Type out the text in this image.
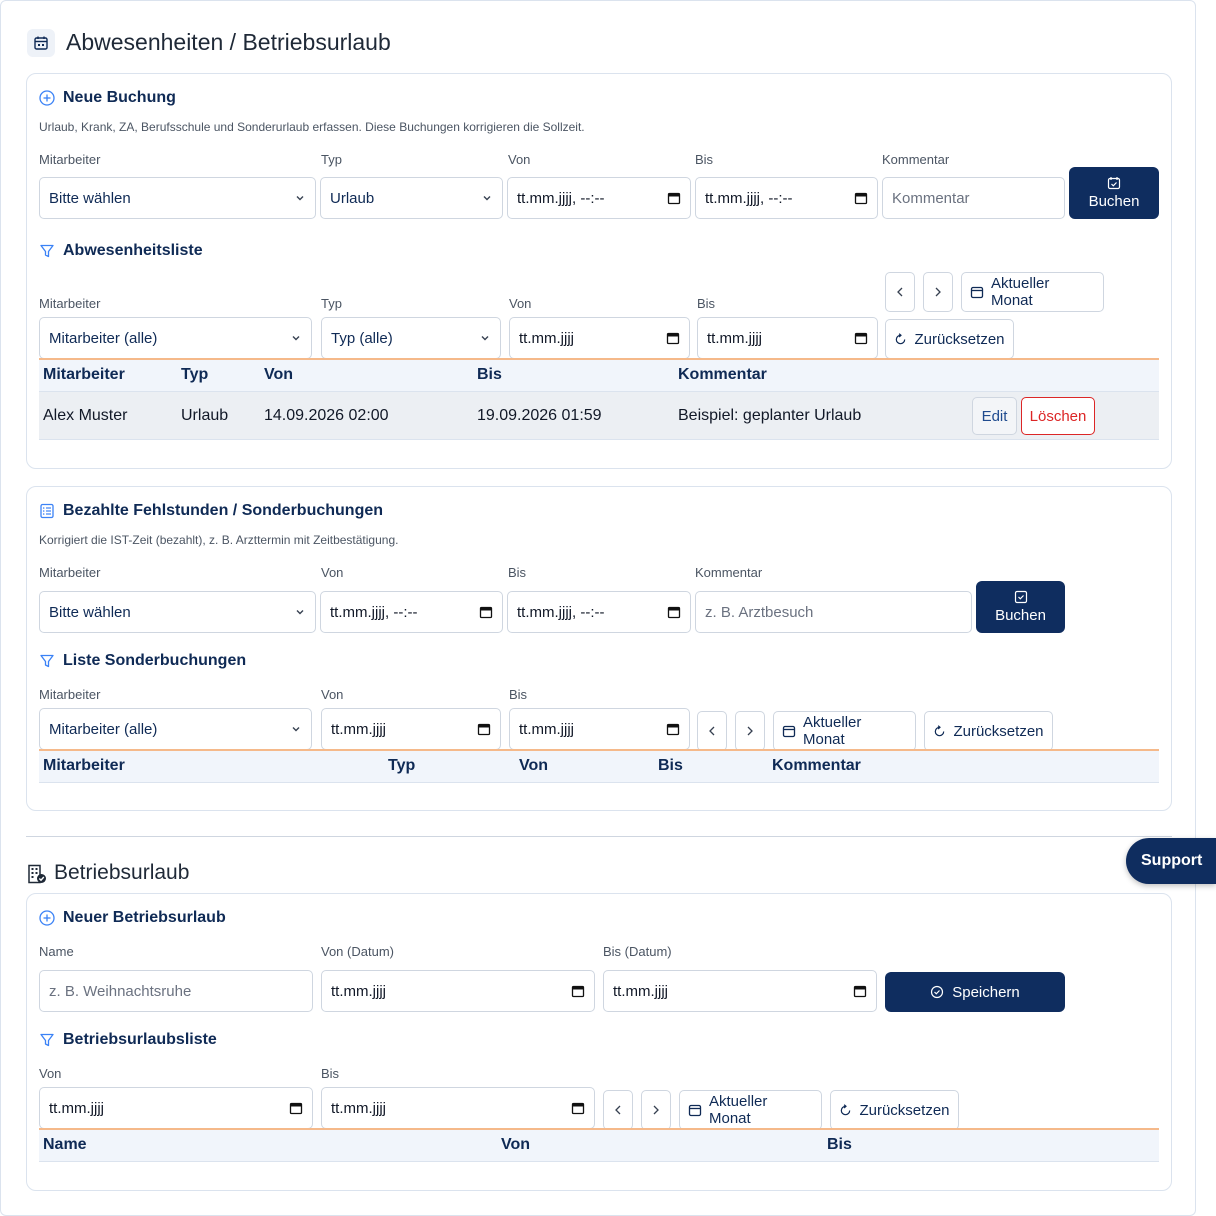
Abwesenheiten / Betriebsurlaub
Neue Buchung
Urlaub, Krank, ZA, Berufsschule und Sonderurlaub erfassen. Diese Buchungen korrigieren die Sollzeit.
Mitarbeiter	Typ	Von	Bis	Kommentar
Bitte wählen	Urlaub	tt.mm.jjjj, --:--	tt.mm.jjjj, --:--	Kommentar	Buchen
Abwesenheitsliste
Mitarbeiter	Typ	Von	Bis
Mitarbeiter (alle)	Typ (alle)	tt.mm.jjjj	tt.mm.jjjj
Aktueller Monat
Zurücksetzen
Mitarbeiter	Typ	Von	Bis	Kommentar
Alex Muster	Urlaub 14.09.2026 02:00	19.09.2026 01:59	Beispiel: geplanter Urlaub	Edit	Löschen
Bezahlte Fehlstunden / Sonderbuchungen
Korrigiert die IST-Zeit (bezahlt), z. B. Arzttermin mit Zeitbestätigung.
Mitarbeiter	Von	Bis	Kommentar
Bitte wählen	tt.mm.jjjj, --:--	tt.mm.jjjj, --:--	z. B. Arztbesuch	Buchen
Liste Sonderbuchungen
Mitarbeiter	Von	Bis
Mitarbeiter (alle)	tt.mm.jjjj	tt.mm.jjjj	Aktueller Monat	Zurücksetzen
Mitarbeiter	Typ	Von	Bis	Kommentar
Betriebsurlaub
Neuer Betriebsurlaub
Name	Von (Datum)	Bis (Datum)
z. B. Weihnachtsruhe	tt.mm.jjjj	tt.mm.jjjj	Speichern
Betriebsurlaubsliste
Von	Bis
tt.mm.jjjj	tt.mm.jjjj	Aktueller Monat	Zurücksetzen
Name	Von	Bis
Support
